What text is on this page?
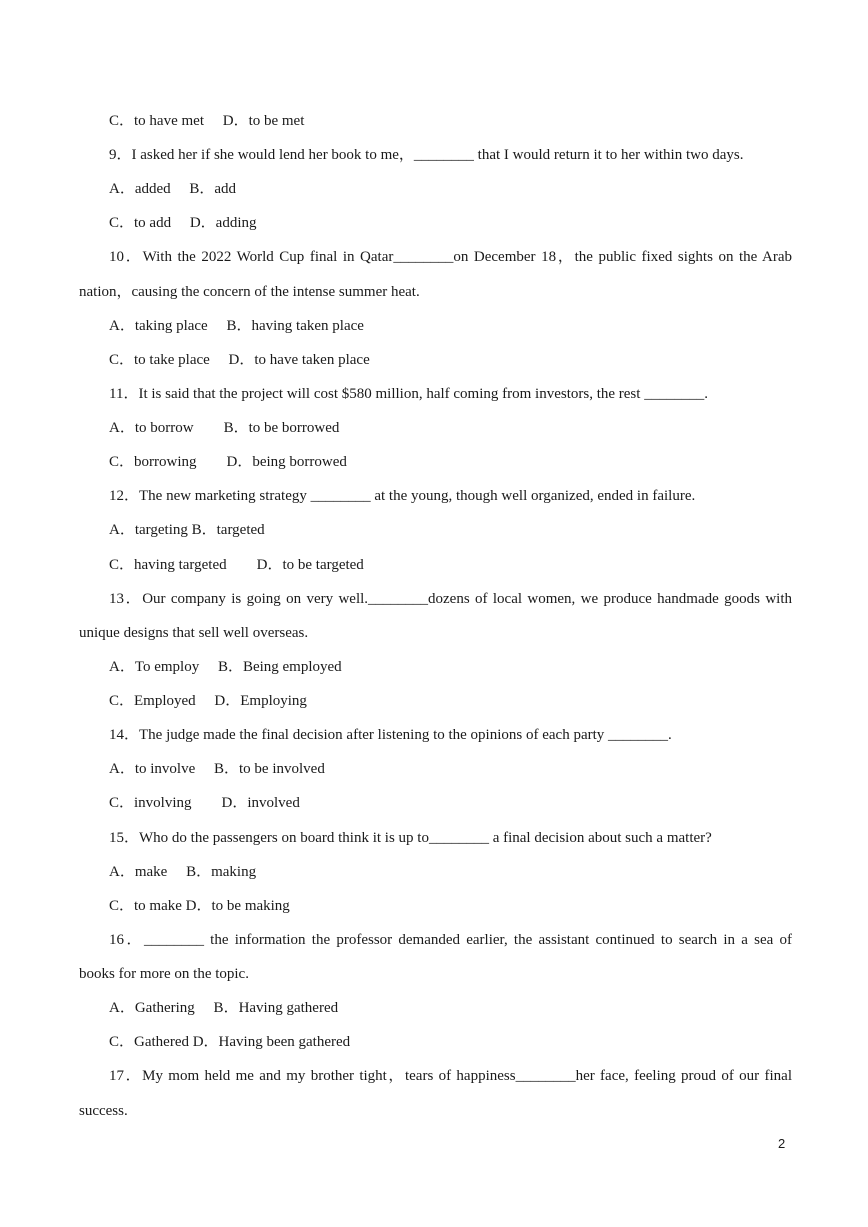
C．to have met　 D．to be met
9．I asked her if she would lend her book to me，________ that I would return it to her within two days.
A．added　 B．add
C．to add　 D．adding
10．With the 2022 World Cup final in Qatar________on December 18，the public fixed sights on the Arab
nation，causing the concern of the intense summer heat.
A．taking place　 B．having taken place
C．to take place　 D．to have taken place
11．It is said that the project will cost $580 million, half coming from investors, the rest ________.
A．to borrow　　B．to be borrowed
C．borrowing　　D．being borrowed
12．The new marketing strategy ________ at the young, though well organized, ended in failure.
A．targeting B．targeted
C．having targeted　　D．to be targeted
13．Our company is going on very well.________dozens of local women, we produce handmade goods with
unique designs that sell well overseas.
A．To employ　 B．Being employed
C．Employed　 D．Employing
14．The judge made the final decision after listening to the opinions of each party ________.
A．to involve　 B．to be involved
C．involving　　D．involved
15．Who do the passengers on board think it is up to________ a final decision about such a matter?
A．make　 B．making
C．to make D．to be making
16．________ the information the professor demanded earlier, the assistant continued to search in a sea of
books for more on the topic.
A．Gathering　 B．Having gathered
C．Gathered D．Having been gathered
17．My mom held me and my brother tight，tears of happiness________her face, feeling proud of our final
success.
2
